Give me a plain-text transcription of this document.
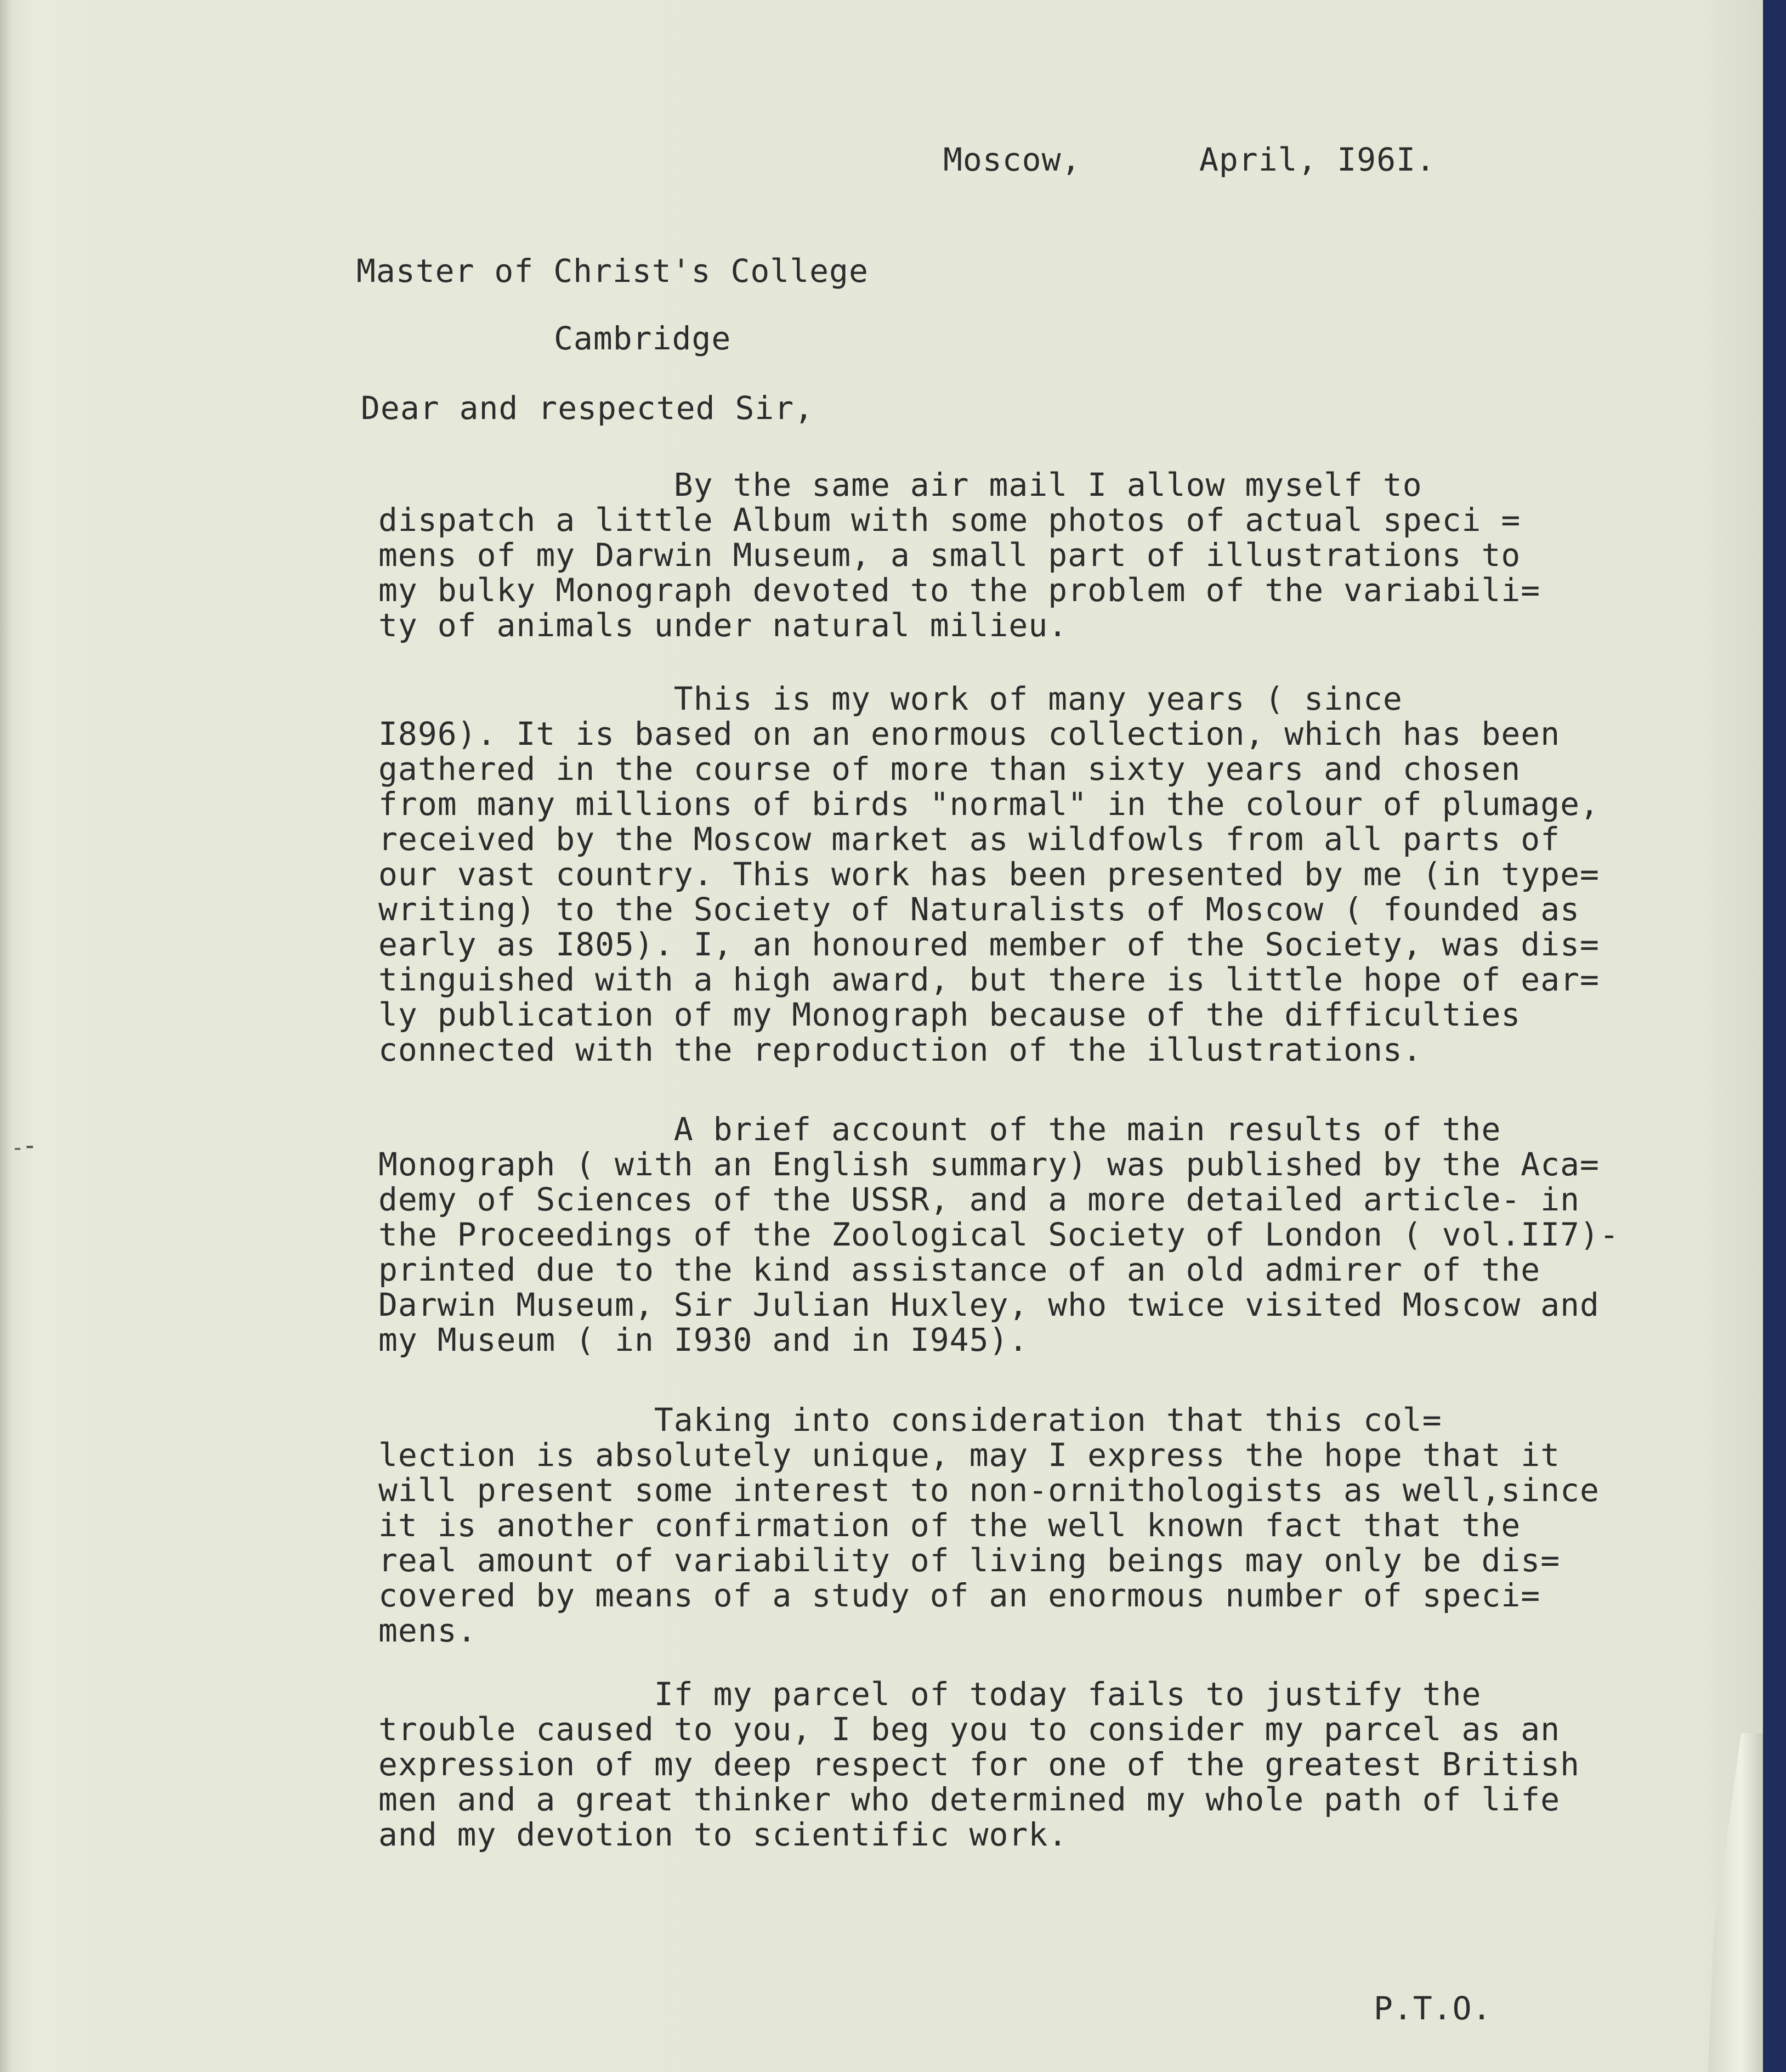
Moscow,      April, I96I.
Master of Christ's College
Cambridge
Dear and respected Sir,
By the same air mail I allow myself to
dispatch a little Album with some photos of actual speci =
mens of my Darwin Museum, a small part of illustrations to
my bulky Monograph devoted to the problem of the variabili=
ty of animals under natural milieu.
This is my work of many years ( since
I896). It is based on an enormous collection, which has been
gathered in the course of more than sixty years and chosen
from many millions of birds "normal" in the colour of plumage,
received by the Moscow market as wildfowls from all parts of
our vast country. This work has been presented by me (in type=
writing) to the Society of Naturalists of Moscow ( founded as
early as I805). I, an honoured member of the Society, was dis=
tinguished with a high award, but there is little hope of ear=
ly publication of my Monograph because of the difficulties
connected with the reproduction of the illustrations.
A brief account of the main results of the
Monograph ( with an English summary) was published by the Aca=
demy of Sciences of the USSR, and a more detailed article- in
the Proceedings of the Zoological Society of London ( vol.II7)-
printed due to the kind assistance of an old admirer of the
Darwin Museum, Sir Julian Huxley, who twice visited Moscow and
my Museum ( in I930 and in I945).
Taking into consideration that this col=
lection is absolutely unique, may I express the hope that it
will present some interest to non-ornithologists as well,since
it is another confirmation of the well known fact that the
real amount of variability of living beings may only be dis=
covered by means of a study of an enormous number of speci=
mens.
If my parcel of today fails to justify the
trouble caused to you, I beg you to consider my parcel as an
expression of my deep respect for one of the greatest British
men and a great thinker who determined my whole path of life
and my devotion to scientific work.
P.T.O.
-⁃
